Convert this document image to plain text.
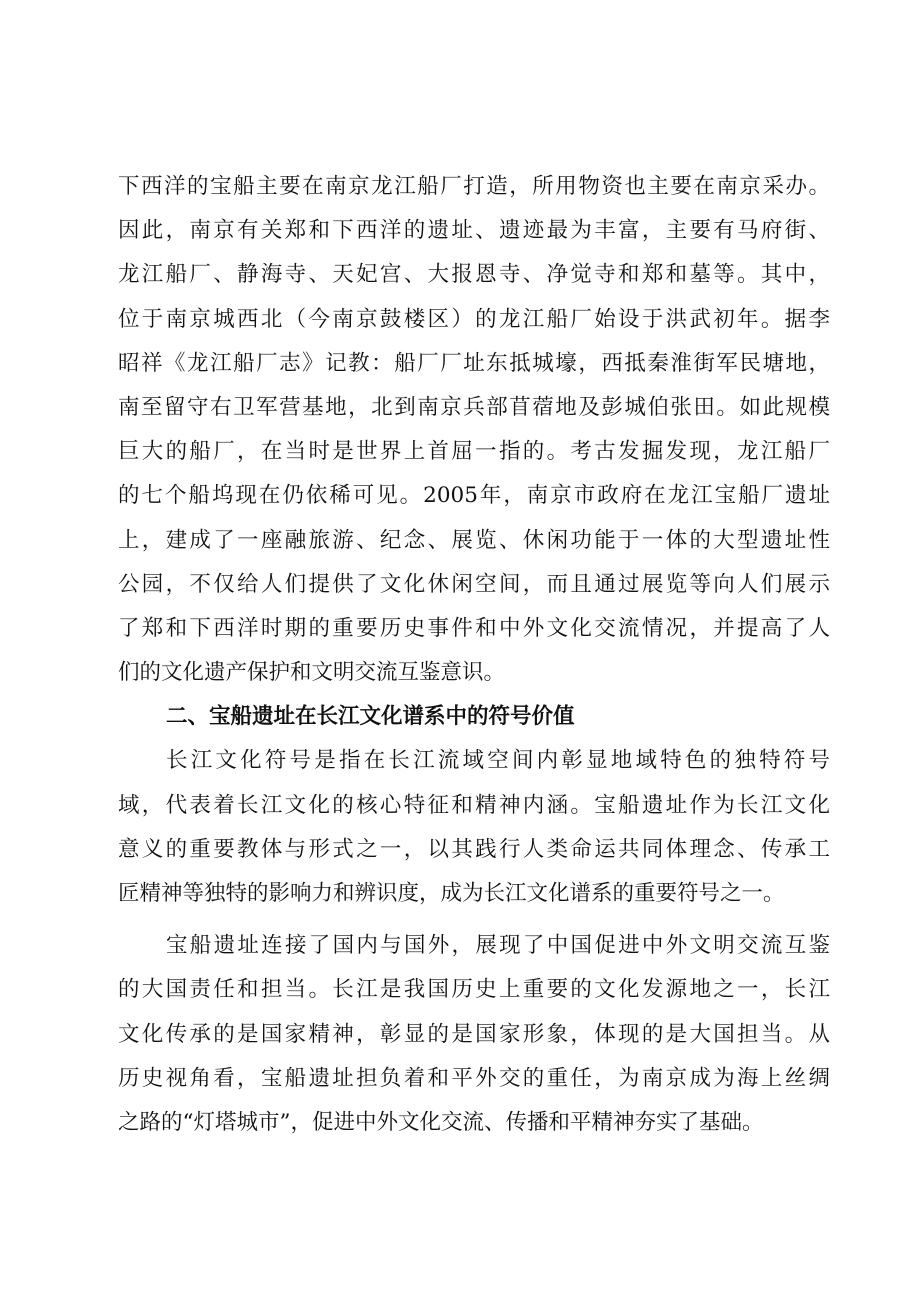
下西洋的宝船主要在南京龙江船厂打造，所用物资也主要在南京采办。
因此，南京有关郑和下西洋的遗址、遗迹最为丰富，主要有马府街、
龙江船厂、静海寺、天妃宫、大报恩寺、净觉寺和郑和墓等。其中，
位于南京城西北（今南京鼓楼区）的龙江船厂始设于洪武初年。据李
昭祥《龙江船厂志》记教：船厂厂址东抵城壕，西抵秦淮街军民塘地，
南至留守右卫军营基地，北到南京兵部苜蓿地及彭城伯张田。如此规模
巨大的船厂，在当时是世界上首屈一指的。考古发掘发现，龙江船厂
的七个船坞现在仍依稀可见。2005年，南京市政府在龙江宝船厂遗址
上，建成了一座融旅游、纪念、展览、休闲功能于一体的大型遗址性
公园，不仅给人们提供了文化休闲空间，而且通过展览等向人们展示
了郑和下西洋时期的重要历史事件和中外文化交流情况，并提高了人
们的文化遗产保护和文明交流互鉴意识。
二、宝船遗址在长江文化谱系中的符号价值
长江文化符号是指在长江流域空间内彰显地域特色的独特符号
域，代表着长江文化的核心特征和精神内涵。宝船遗址作为长江文化
意义的重要教体与形式之一，以其践行人类命运共同体理念、传承工
匠精神等独特的影响力和辨识度，成为长江文化谱系的重要符号之一。
宝船遗址连接了国内与国外，展现了中国促进中外文明交流互鉴
的大国责任和担当。长江是我国历史上重要的文化发源地之一，长江
文化传承的是国家精神，彰显的是国家形象，体现的是大国担当。从
历史视角看，宝船遗址担负着和平外交的重任，为南京成为海上丝绸
之路的“灯塔城市”，促进中外文化交流、传播和平精神夯实了基础。
